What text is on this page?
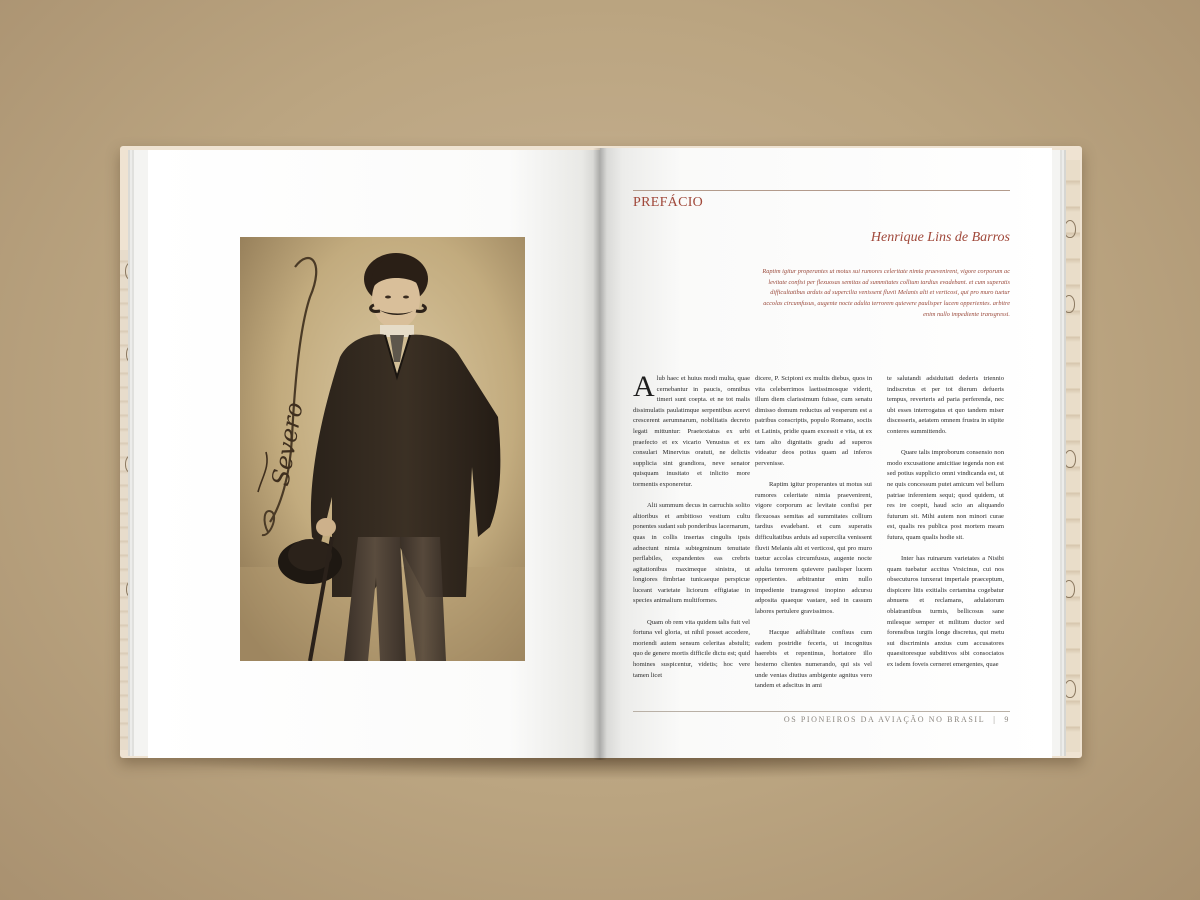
Severo
PREFÁCIO
Henrique Lins de Barros
Raptim igitur properantes ut motus sui rumores celeritate nimia praevenirent, vigore corporum ac levitate confisi per flexuosas semitas ad summitates collium tardius evadebant. et cum superatis difficultatibus arduis ad supercilia venissent fluvii Melanis alti et verticosi, qui pro muro tuetur accolas circumfusus, augente nocte adulta terrorem quievere paulisper lucem opperientes. arbitre enim nullo impediente transgressi.

Alub haec et huius modi multa, quae cernebantur in paucis, omnibus timeri sunt coepta. et ne tot malis dissimulatis paulatimque serpentibus acervi crescerent aerumnarum, nobilitatis decreto legati mittuntur: Praetextatus ex urbi praefecto et ex vicario Venustus et ex consulari Minervius oratuti, ne delictis supplicia sint grandiora, neve senator quisquam inusitato et inlicito more tormentis exponeretur.

Alii summum decus in carruchis solito altioribus et ambitioso vestium cultu ponentes sudant sub ponderibus lacernarum, quas in collis insertas cingulis ipsis adnectunt nimia subtegminum tenuitate perflabiles, expandentes eas crebris agitationibus maximeque sinistra, ut longiores fimbriae tunicaeque perspicue luceant varietate liciorum effigiatae in species animalium multiformes.

Quam ob rem vita quidem talis fuit vel fortuna vel gloria, ut nihil posset accedere, moriendi autem sensum celeritas abstulit; quo de genere mortis difficile dictu est; quid homines suspicentur, videtis; hoc vere tamen licet

dicere, P. Scipioni ex multis diebus, quos in vita celeberrimos laetissimosque viderit, illum diem clarissimum fuisse, cum senatu dimisso domum reductus ad vesperum est a patribus conscriptis, populo Romano, sociis et Latinis, pridie quam excessit e vita, ut ex tam alto dignitatis gradu ad superos videatur deos potius quam ad inferos pervenisse.

Raptim igitur properantes ut motus sui rumores celeritate nimia praevenirent, vigore corporum ac levitate confisi per flexuosas semitas ad summitates collium tardius evadebant. et cum superatis difficultatibus arduis ad supercilia venissent fluvii Melanis alti et verticosi, qui pro muro tuetur accolas circumfusus, augente nocte adulta terrorem quievere paulisper lucem opperientes. arbitrantur enim nullo impediente transgressi inopino adcursu adposita quaeque vastare, sed in cassum labores pertulere gravissimos.

Hacque adfabilitate confisus cum eadem postridie feceris, ut incognitus haerebis et repentinus, hortatore illo hesterno clientes numerando, qui sis vel unde venias diutius ambigente agnitus vero tandem et adscitus in ami

te salutandi adsiduitati dederis triennio indiscretus et per tot dierum defueris tempus, reverteris ad paria perferenda, nec ubi esses interrogatus et quo tandem miser discesseris, aetatem omnem frustra in stipite conteres summittendo.

Quare talis improborum consensio non modo excusatione amicitiae tegenda non est sed potius supplicio omni vindicanda est, ut ne quis concessum putet amicum vel bellum patriae inferentem sequi; quod quidem, ut res ire coepit, haud scio an aliquando futurum sit. Mihi autem non minori curae est, qualis res publica post mortem meam futura, quam qualis hodie sit.

Inter has ruinarum varietates a Nisibi quam tuebatur accitus Vrsicinus, cui nos obsecuturos iunxerat imperiale praeceptum, dispicere litis exitialis certamina cogebatur abnuens et reclamans, adulatorum oblatrantibus turmis, bellicosus sane milesque semper et militum ductor sed forensibus iurgiis longe discretus, qui metu sui discriminis anxius cum accusatores quaesitoresque subditivos sibi consociatos ex isdem foveis cerneret emergentes, quae

OS PIONEIROS DA AVIAÇÃO NO BRASIL | 9
